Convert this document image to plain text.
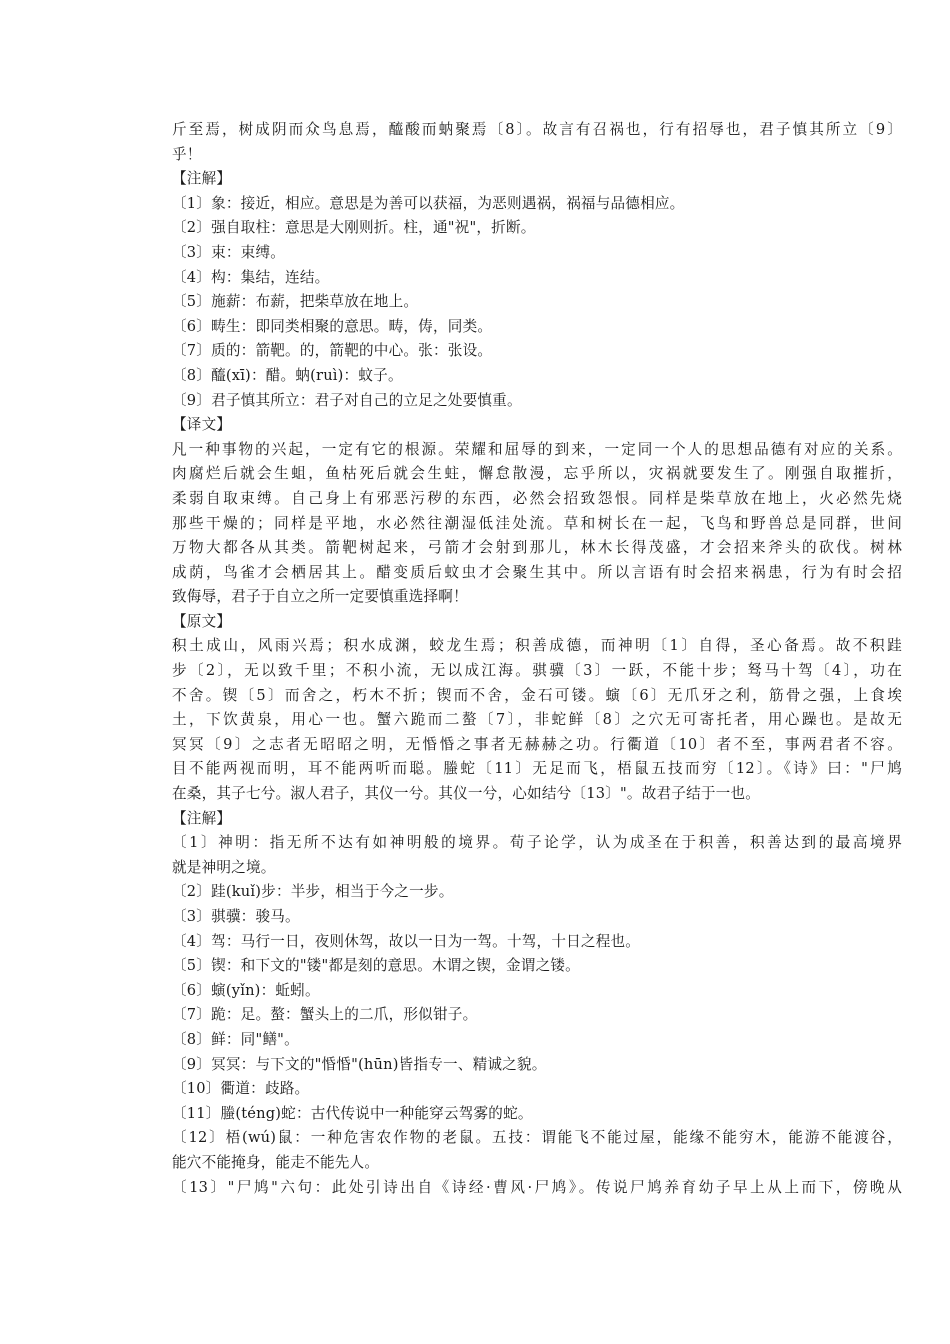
斤至焉，树成阴而众鸟息焉，醯酸而蚋聚焉〔8〕。故言有召祸也，行有招辱也，君子慎其所立〔9〕
乎！
【注解】
〔1〕象：接近，相应。意思是为善可以获福，为恶则遇祸，祸福与品德相应。
〔2〕强自取柱：意思是大刚则折。柱，通"祝"，折断。
〔3〕束：束缚。
〔4〕构：集结，连结。
〔5〕施薪：布薪，把柴草放在地上。
〔6〕畴生：即同类相聚的意思。畴，俦，同类。
〔7〕质的：箭靶。的，箭靶的中心。张：张设。
〔8〕醯(xī)：醋。蚋(ruì)：蚊子。
〔9〕君子慎其所立：君子对自己的立足之处要慎重。
【译文】
凡一种事物的兴起，一定有它的根源。荣耀和屈辱的到来，一定同一个人的思想品德有对应的关系。
肉腐烂后就会生蛆，鱼枯死后就会生蛀，懈怠散漫，忘乎所以，灾祸就要发生了。刚强自取摧折，
柔弱自取束缚。自己身上有邪恶污秽的东西，必然会招致怨恨。同样是柴草放在地上，火必然先烧
那些干燥的；同样是平地，水必然往潮湿低洼处流。草和树长在一起，飞鸟和野兽总是同群，世间
万物大都各从其类。箭靶树起来，弓箭才会射到那儿，林木长得茂盛，才会招来斧头的砍伐。树林
成荫，鸟雀才会栖居其上。醋变质后蚊虫才会聚生其中。所以言语有时会招来祸患，行为有时会招
致侮辱，君子于自立之所一定要慎重选择啊！
【原文】
积土成山，风雨兴焉；积水成渊，蛟龙生焉；积善成德，而神明〔1〕自得，圣心备焉。故不积跬
步〔2〕，无以致千里；不积小流，无以成江海。骐骥〔3〕一跃，不能十步；驽马十驾〔4〕，功在
不舍。锲〔5〕而舍之，朽木不折；锲而不舍，金石可镂。螾〔6〕无爪牙之利，筋骨之强，上食埃
土，下饮黄泉，用心一也。蟹六跪而二螯〔7〕，非蛇鲜〔8〕之穴无可寄托者，用心躁也。是故无
冥冥〔9〕之志者无昭昭之明，无惛惛之事者无赫赫之功。行衢道〔10〕者不至，事两君者不容。
目不能两视而明，耳不能两听而聪。螣蛇〔11〕无足而飞，梧鼠五技而穷〔12〕。《诗》曰："尸鸠
在桑，其子七兮。淑人君子，其仪一兮。其仪一兮，心如结兮〔13〕"。故君子结于一也。
【注解】
〔1〕神明：指无所不达有如神明般的境界。荀子论学，认为成圣在于积善，积善达到的最高境界
就是神明之境。
〔2〕跬(kuǐ)步：半步，相当于今之一步。
〔3〕骐骥：骏马。
〔4〕驾：马行一日，夜则休驾，故以一日为一驾。十驾，十日之程也。
〔5〕锲：和下文的"镂"都是刻的意思。木谓之锲，金谓之镂。
〔6〕螾(yǐn)：蚯蚓。
〔7〕跪：足。螯：蟹头上的二爪，形似钳子。
〔8〕鲜：同"鳝"。
〔9〕冥冥：与下文的"惛惛"(hūn)皆指专一、精诚之貌。
〔10〕衢道：歧路。
〔11〕螣(téng)蛇：古代传说中一种能穿云驾雾的蛇。
〔12〕梧(wú)鼠：一种危害农作物的老鼠。五技：谓能飞不能过屋，能缘不能穷木，能游不能渡谷，
能穴不能掩身，能走不能先人。
〔13〕"尸鸠"六句：此处引诗出自《诗经·曹风·尸鸠》。传说尸鸠养育幼子早上从上而下，傍晚从
